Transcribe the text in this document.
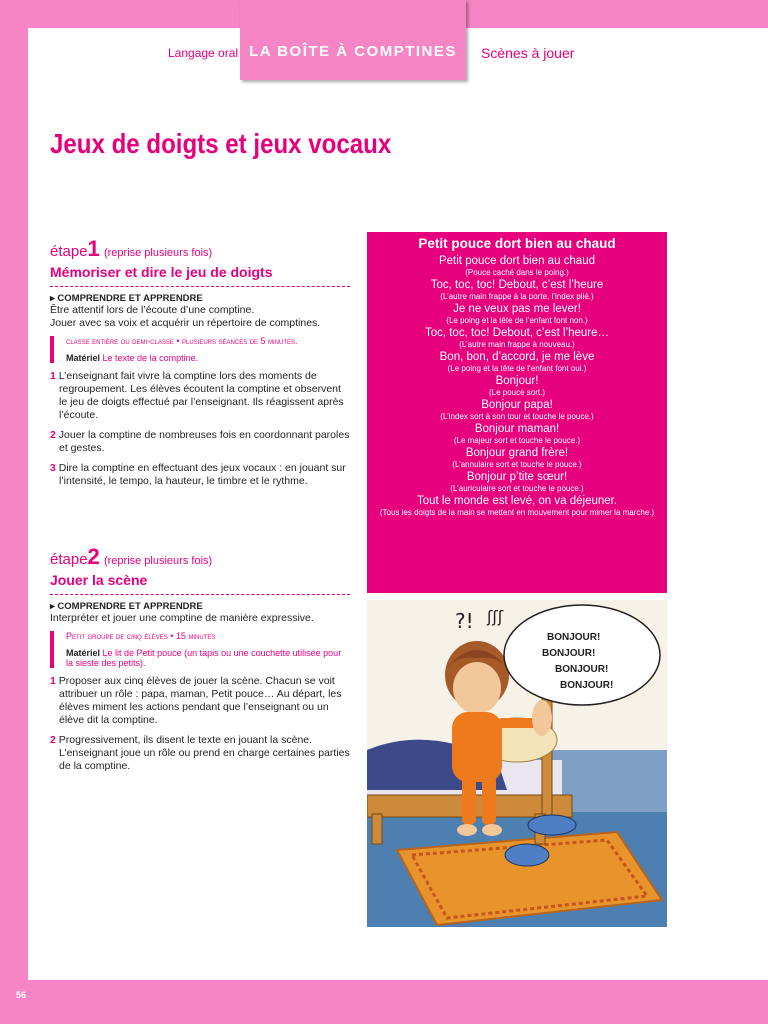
Langage oral LA BOÎTE À COMPTINES	Scènes à jouer
Jeux de doigts et jeux vocaux
étape1 (reprise plusieurs fois)
Mémoriser et dire le jeu de doigts
▸ COMPRENDRE ET APPRENDRE
Être attentif lors de l’écoute d’une comptine.
Jouer avec sa voix et acquérir un répertoire de comptines.
classe entière ou demi-classe • plusieurs séances de 5 minutes.
Matériel Le texte de la comptine.
1 L’enseignant fait vivre la comptine lors des moments de regroupement. Les élèves écoutent la comptine et observent le jeu de doigts effectué par l’enseignant. Ils réagissent après l’écoute.
2 Jouer la comptine de nombreuses fois en coordonnant paroles et gestes.
3 Dire la comptine en effectuant des jeux vocaux : en jouant sur l’intensité, le tempo, la hauteur, le timbre et le rythme.
étape2 (reprise plusieurs fois)
Jouer la scène
▸ COMPRENDRE ET APPRENDRE
Interpréter et jouer une comptine de manière expressive.
Petit groupe de cinq élèves • 15 minutes
Matériel Le lit de Petit pouce (un tapis ou une couchette utilisée pour la sieste des petits).
1 Proposer aux cinq élèves de jouer la scène. Chacun se voit attribuer un rôle : papa, maman, Petit pouce… Au départ, les élèves miment les actions pendant que l’enseignant ou un élève dit la comptine.
2 Progressivement, ils disent le texte en jouant la scène. L’enseignant joue un rôle ou prend en charge certaines parties de la comptine.
Petit pouce dort bien au chaud
Petit pouce dort bien au chaud
(Pouce caché dans le poing.)
Toc, toc, toc! Debout, c’est l’heure
(L’autre main frappe à la porte, l’index plié.)
Je ne veux pas me lever!
(Le poing et la tête de l’enfant font non.)
Toc, toc, toc! Debout, c’est l’heure…
(L’autre main frappe à nouveau.)
Bon, bon, d’accord, je me lève
(Le poing et la tête de l’enfant font oui.)
Bonjour!
(Le pouce sort.)
Bonjour papa!
(L’index sort à son tour et touche le pouce.)
Bonjour maman!
(Le majeur sort et touche le pouce.)
Bonjour grand frère!
(L’annulaire sort et touche le pouce.)
Bonjour p’tite sœur!
(L’auriculaire sort et touche le pouce.)
Tout le monde est levé, on va déjeuner.
(Tous les doigts de la main se mettent en mouvement pour mimer la marche.)
?! ʃʃʃ
BONJOUR!
BONJOUR!
BONJOUR!
BONJOUR!
56
